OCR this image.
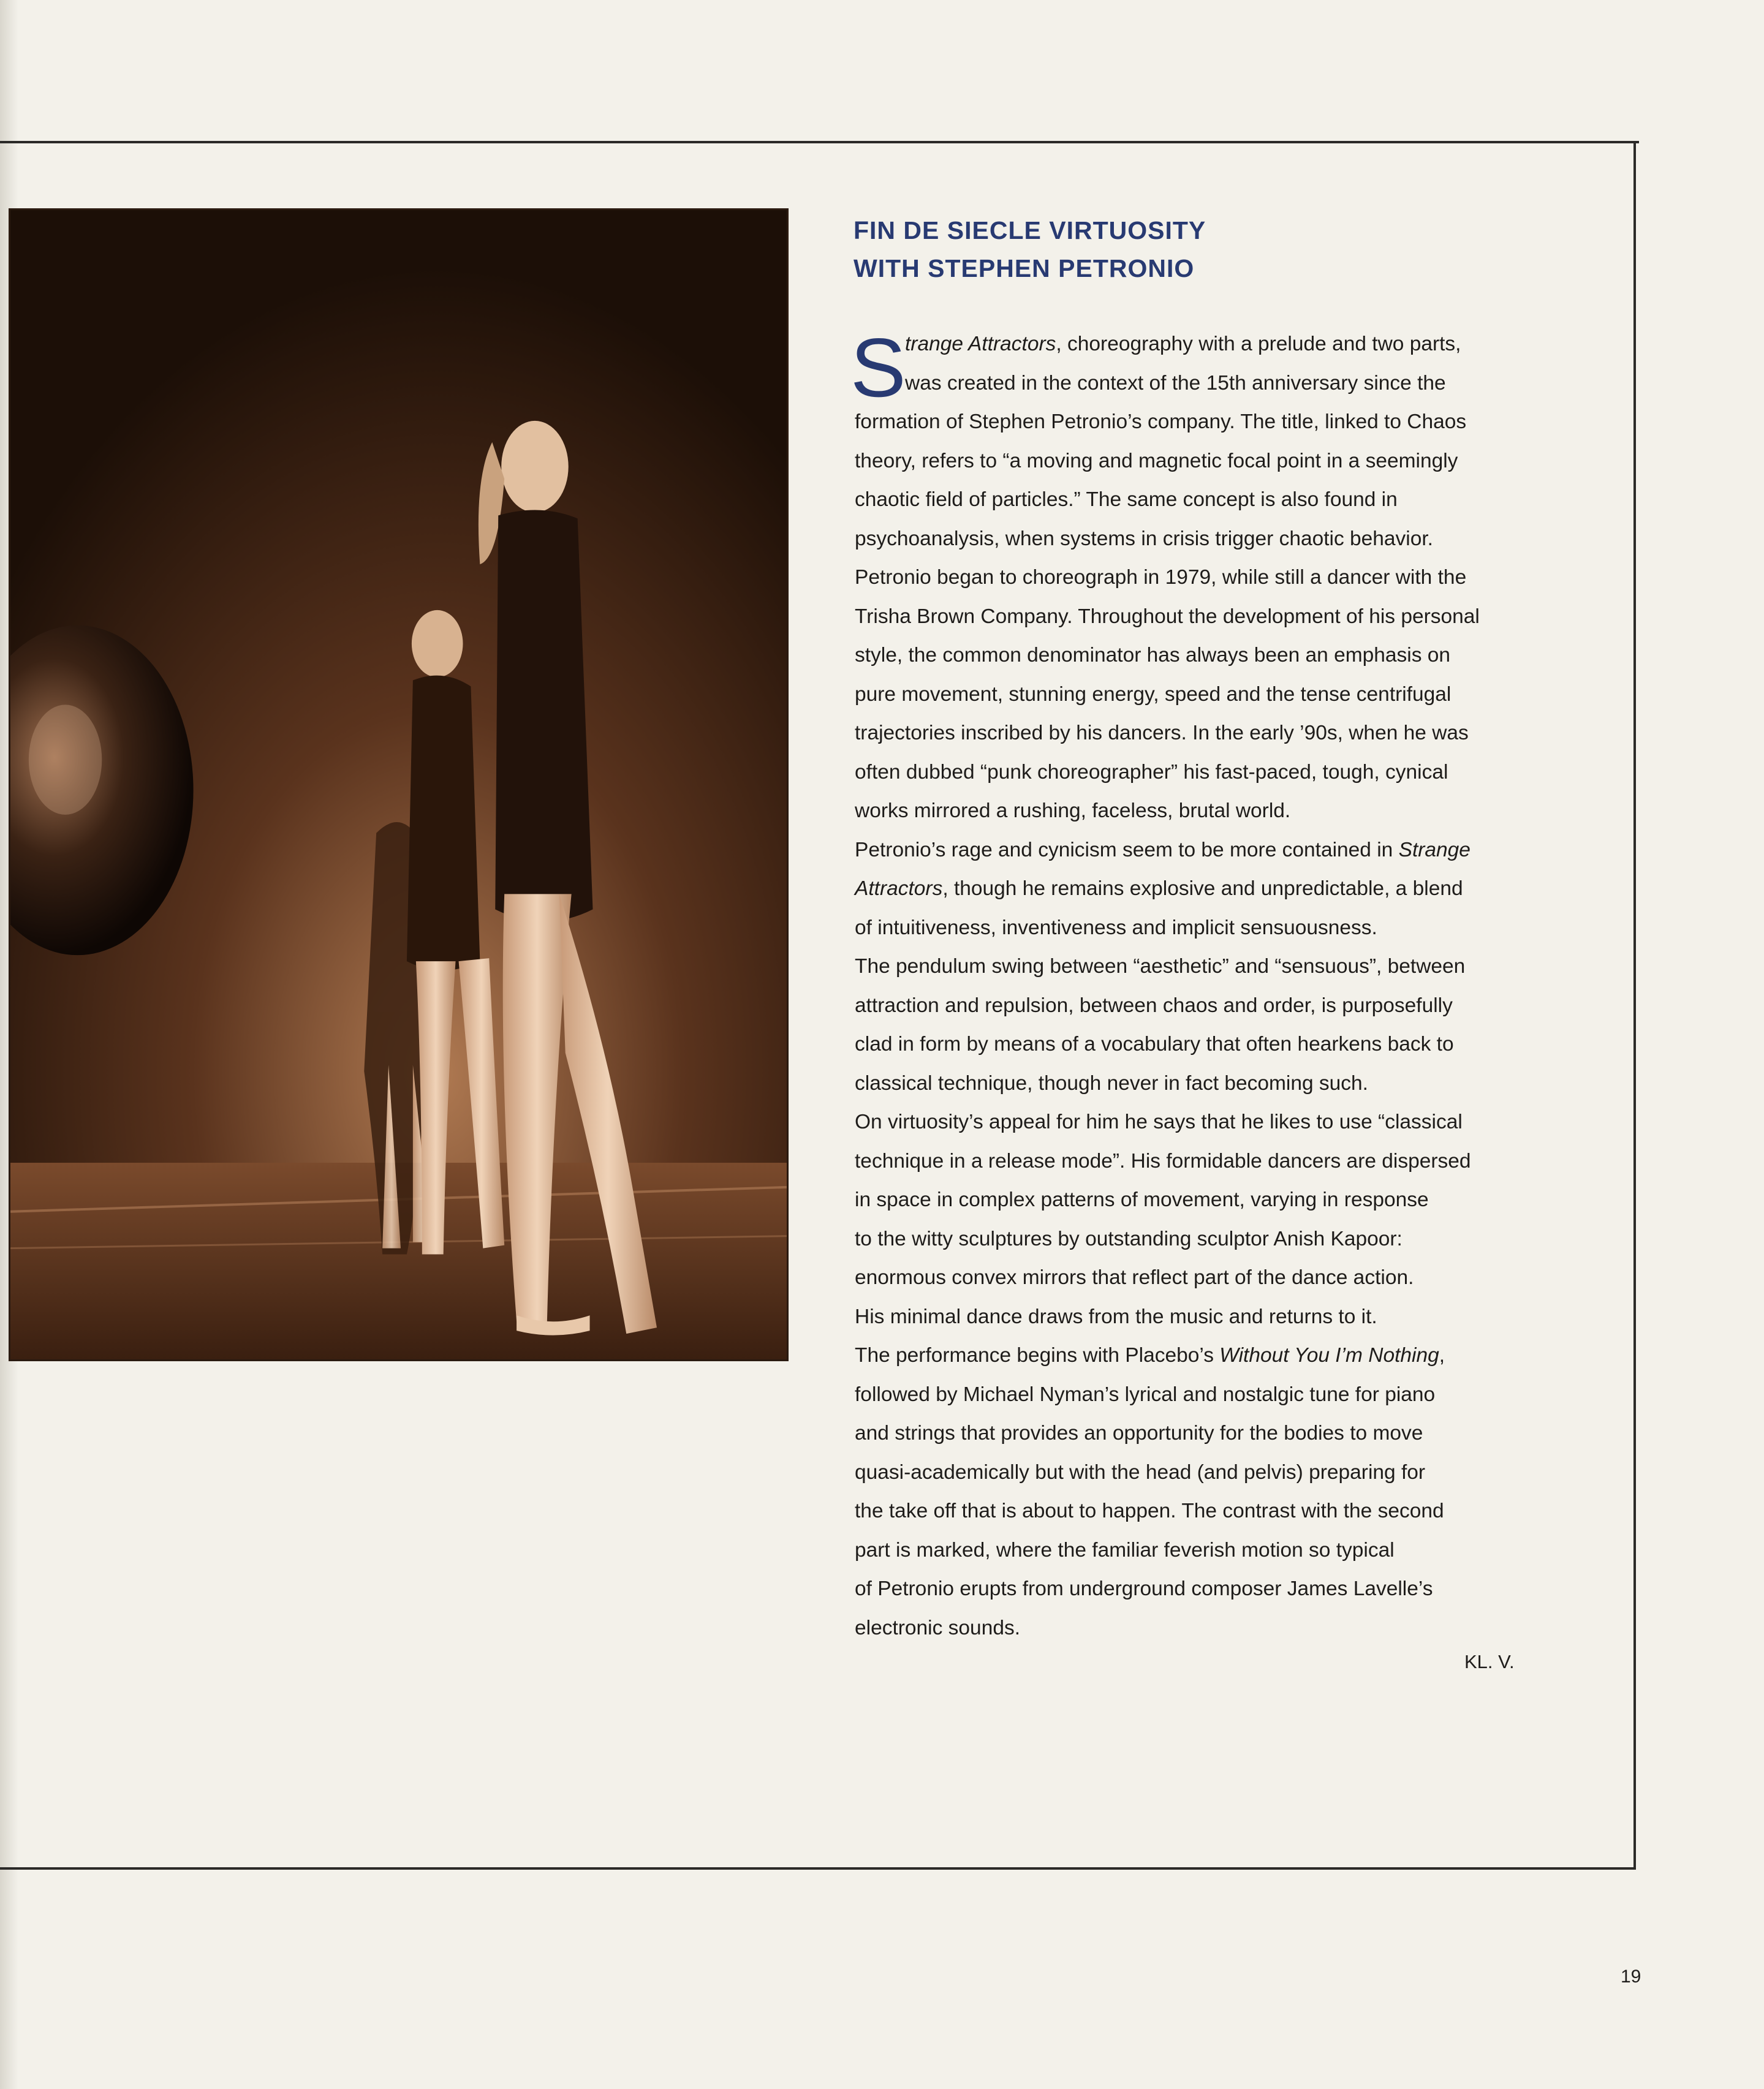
FIN DE SIECLE VIRTUOSITY
WITH STEPHEN PETRONIO
S
trange Attractors, choreography with a prelude and two parts,
was created in the context of the 15th anniversary since the
formation of Stephen Petronio’s company. The title, linked to Chaos
theory, refers to “a moving and magnetic focal point in a seemingly
chaotic field of particles.” The same concept is also found in
psychoanalysis, when systems in crisis trigger chaotic behavior.
Petronio began to choreograph in 1979, while still a dancer with the
Trisha Brown Company. Throughout the development of his personal
style, the common denominator has always been an emphasis on
pure movement, stunning energy, speed and the tense centrifugal
trajectories inscribed by his dancers. In the early ’90s, when he was
often dubbed “punk choreographer” his fast-paced, tough, cynical
works mirrored a rushing, faceless, brutal world.
Petronio’s rage and cynicism seem to be more contained in Strange
Attractors, though he remains explosive and unpredictable, a blend
of intuitiveness, inventiveness and implicit sensuousness.
The pendulum swing between “aesthetic” and “sensuous”, between
attraction and repulsion, between chaos and order, is purposefully
clad in form by means of a vocabulary that often hearkens back to
classical technique, though never in fact becoming such.
On virtuosity’s appeal for him he says that he likes to use “classical
technique in a release mode”. His formidable dancers are dispersed
in space in complex patterns of movement, varying in response
to the witty sculptures by outstanding sculptor Anish Kapoor:
enormous convex mirrors that reflect part of the dance action.
His minimal dance draws from the music and returns to it.
The performance begins with Placebo’s Without You I’m Nothing,
followed by Michael Nyman’s lyrical and nostalgic tune for piano
and strings that provides an opportunity for the bodies to move
quasi-academically but with the head (and pelvis) preparing for
the take off that is about to happen. The contrast with the second
part is marked, where the familiar feverish motion so typical
of Petronio erupts from underground composer James Lavelle’s
electronic sounds.
KL. V.
19
